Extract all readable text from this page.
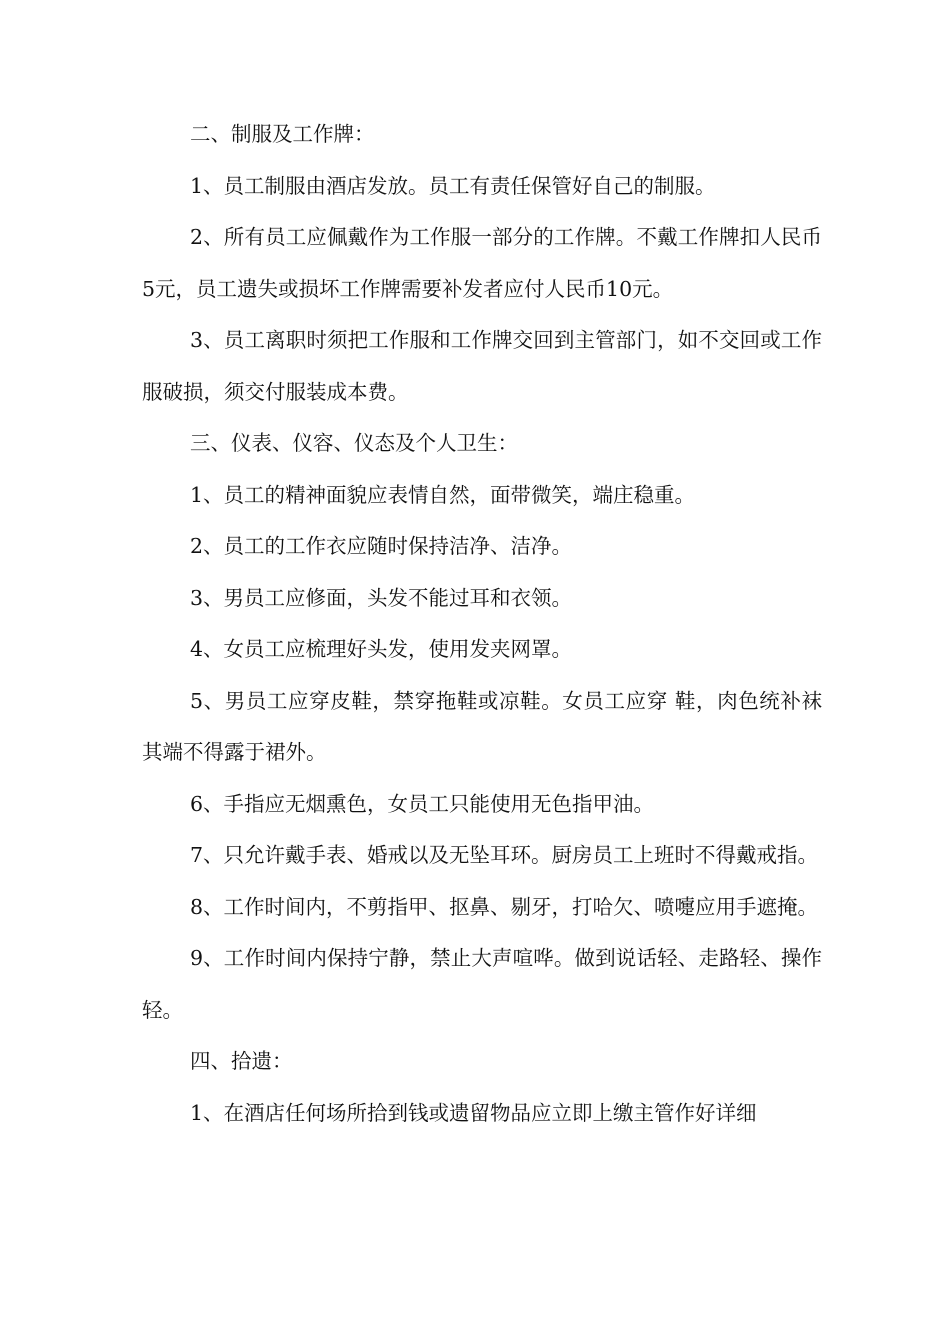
二、制服及工作牌：

1、员工制服由酒店发放。员工有责任保管好自己的制服。

2、所有员工应佩戴作为工作服一部分的工作牌。不戴工作牌扣人民币5元，员工遗失或损坏工作牌需要补发者应付人民币10元。

3、员工离职时须把工作服和工作牌交回到主管部门，如不交回或工作服破损，须交付服装成本费。

三、仪表、仪容、仪态及个人卫生：

1、员工的精神面貌应表情自然，面带微笑，端庄稳重。

2、员工的工作衣应随时保持洁净、洁净。

3、男员工应修面，头发不能过耳和衣领。

4、女员工应梳理好头发，使用发夹网罩。

5、男员工应穿皮鞋，禁穿拖鞋或凉鞋。女员工应穿 鞋，肉色统补袜其端不得露于裙外。

6、手指应无烟熏色，女员工只能使用无色指甲油。

7、只允许戴手表、婚戒以及无坠耳环。厨房员工上班时不得戴戒指。

8、工作时间内，不剪指甲、抠鼻、剔牙，打哈欠、喷嚏应用手遮掩。

9、工作时间内保持宁静，禁止大声喧哗。做到说话轻、走路轻、操作轻。

四、拾遗：

1、在酒店任何场所拾到钱或遗留物品应立即上缴主管作好详细
